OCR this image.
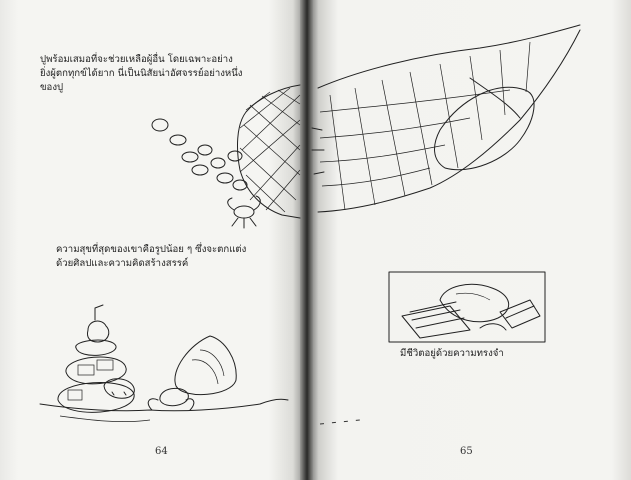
ปูพร้อมเสมอที่จะช่วยเหลือผู้อื่น โดยเฉพาะอย่าง
ยิ่งผู้ตกทุกข์ได้ยาก นี่เป็นนิสัยน่าอัศจรรย์อย่างหนึ่ง
ของปู
ความสุขที่สุดของเขาคือรูปน้อย ๆ ซึ่งจะตกแต่ง
ด้วยศิลปและความคิดสร้างสรรค์
มีชีวิตอยู่ด้วยความทรงจำ
64	65
